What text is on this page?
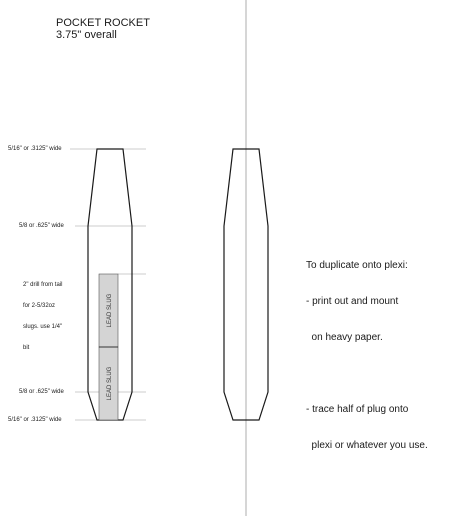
LEAD SLUG
LEAD SLUG
POCKET ROCKET
3.75" overall
5/16" or .3125" wide
5/8 or .625" wide

2" drill from tail

for 2-5/32oz

slugs. use 1/4"

bit

5/8 or .625" wide
5/16" or .3125" wide

To duplicate onto plexi:

- print out and mount

on heavy paper.

- trace half of plug onto

plexi or whatever you use.
